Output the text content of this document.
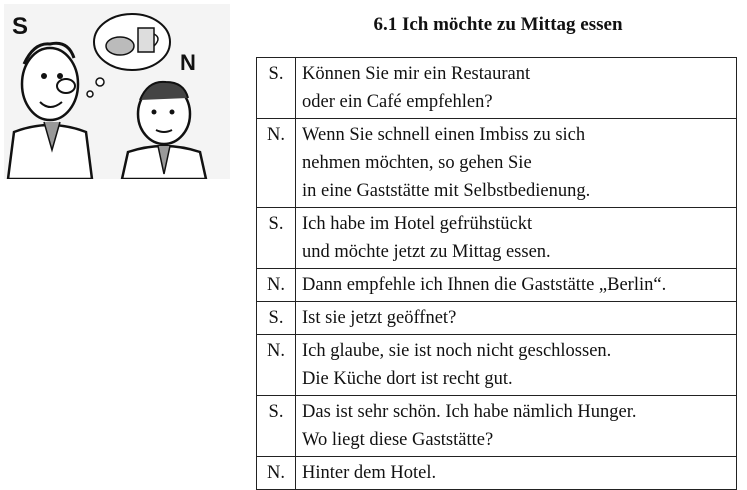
S
N
6.1 Ich möchte zu Mittag essen
S.	Können Sie mir ein Restaurant
oder ein Café empfehlen?
N.	Wenn Sie schnell einen Imbiss zu sich
nehmen möchten, so gehen Sie
in eine Gaststätte mit Selbstbedienung.
S.	Ich habe im Hotel gefrühstückt
und möchte jetzt zu Mittag essen.
N.	Dann empfehle ich Ihnen die Gaststätte „Berlin“.
S.	Ist sie jetzt geöffnet?
N.	Ich glaube, sie ist noch nicht geschlossen.
Die Küche dort ist recht gut.
S.	Das ist sehr schön. Ich habe nämlich Hunger.
Wo liegt diese Gaststätte?
N.	Hinter dem Hotel.
